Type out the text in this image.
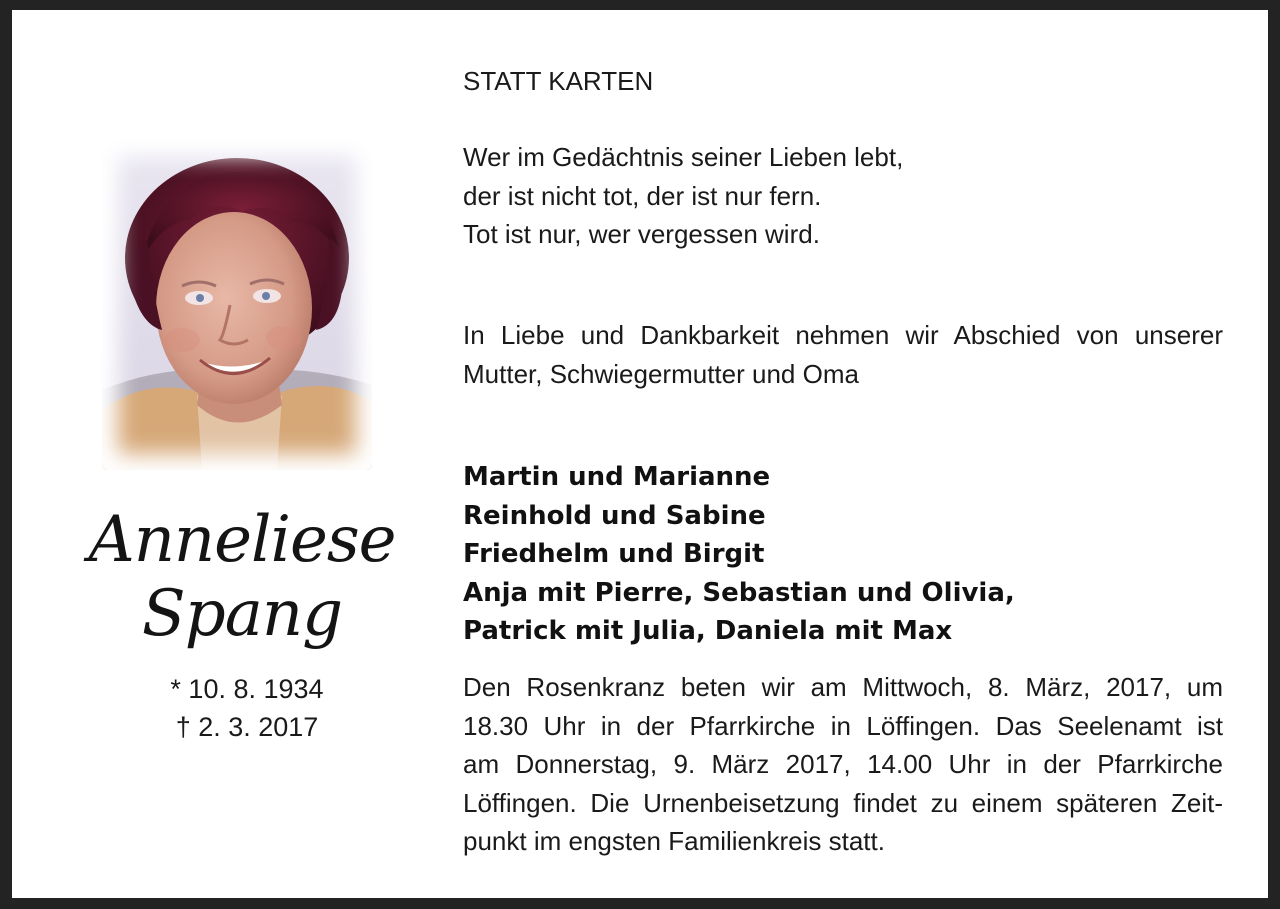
Anneliese
Spang
* 10. 8. 1934
† 2. 3. 2017
STATT KARTEN
Wer im Gedächtnis seiner Lieben lebt,
der ist nicht tot, der ist nur fern.
Tot ist nur, wer vergessen wird.
In Liebe und Dankbarkeit nehmen wir Abschied von unserer
Mutter, Schwiegermutter und Oma
Martin und Marianne
Reinhold und Sabine
Friedhelm und Birgit
Anja mit Pierre, Sebastian und Olivia,
Patrick mit Julia, Daniela mit Max
Den Rosenkranz beten wir am Mittwoch, 8. März, 2017, um
18.30 Uhr in der Pfarrkirche in Löffingen. Das Seelenamt ist
am Donnerstag, 9. März 2017, 14.00 Uhr in der Pfarrkirche
Löffingen. Die Urnenbeisetzung findet zu einem späteren Zeit-
punkt im engsten Familienkreis statt.
